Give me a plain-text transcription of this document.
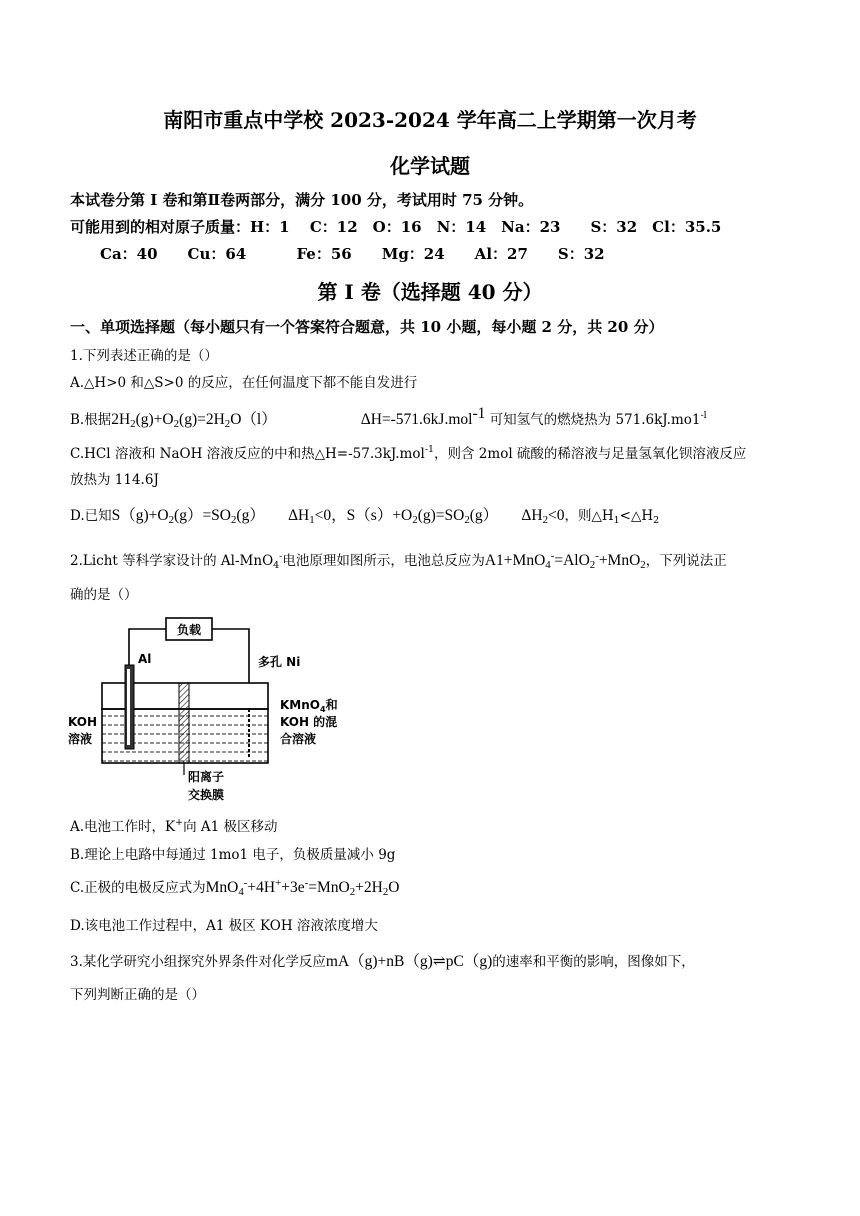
南阳市重点中学校 2023-2024 学年高二上学期第一次月考
化学试题
本试卷分第 I 卷和第Ⅱ卷两部分，满分 100 分，考试用时 75 分钟。
可能用到的相对原子质量：H：1　 C：12　O：16　N：14　Na：23　　S：32　Cl：35.5
Ca：40　　Cu：64　　　 Fe：56　　Mg：24　　Al：27　　S：32
第 I 卷（选择题 40 分）
一、单项选择题（每小题只有一个答案符合题意，共 10 小题，每小题 2 分，共 20 分）
1.下列表述正确的是（）
A.△H>0 和△S>0 的反应，在任何温度下都不能自发进行
B.根据$2H_2(g)+O_2(g)=2H_2O(l)$	ΔH=-571.6kJ.mol$^{-1}$ 可知氢气的燃烧热为 $571.6kJ.mo1^{-l}$
C.HCl 溶液和 NaOH 溶液反应的中和热△H=-57.3kJ.mol$^{-1}$，则含 2mol 硫酸的稀溶液与足量氢氧化钡溶液反应
放热为 114.6J
D.已知$S(g)+O_2(g)=SO_2(g)$　　$\Delta H_1<0$，$S(s)+O_2(g)=SO_2(g)$　　$\Delta H_2<0$，则$\triangle H_1<\triangle H_2$
2.Licht 等科学家设计的 Al-MnO$_4$-电池原理如图所示，电池总反应为A1+MnO$_4$-=AlO$_2$-+MnO$_2$，下列说法正
确的是（）
负载
Al	多孔 Ni
KOH
溶液
KMnO$_4$和
KOH 的混
合溶液
阳离子
交换膜
A.电池工作时，K+向 A1 极区移动
B.理论上电路中每通过 1mo1 电子，负极质量减小 9g
C.正极的电极反应式为$MnO_4^-+4H^++3e^-=MnO_2+2H_2O$
D.该电池工作过程中，A1 极区 KOH 溶液浓度增大
3.某化学研究小组探究外界条件对化学反应mA（g)+nB（g)⇌pC（g)的速率和平衡的影响，图像如下，
下列判断正确的是（）
